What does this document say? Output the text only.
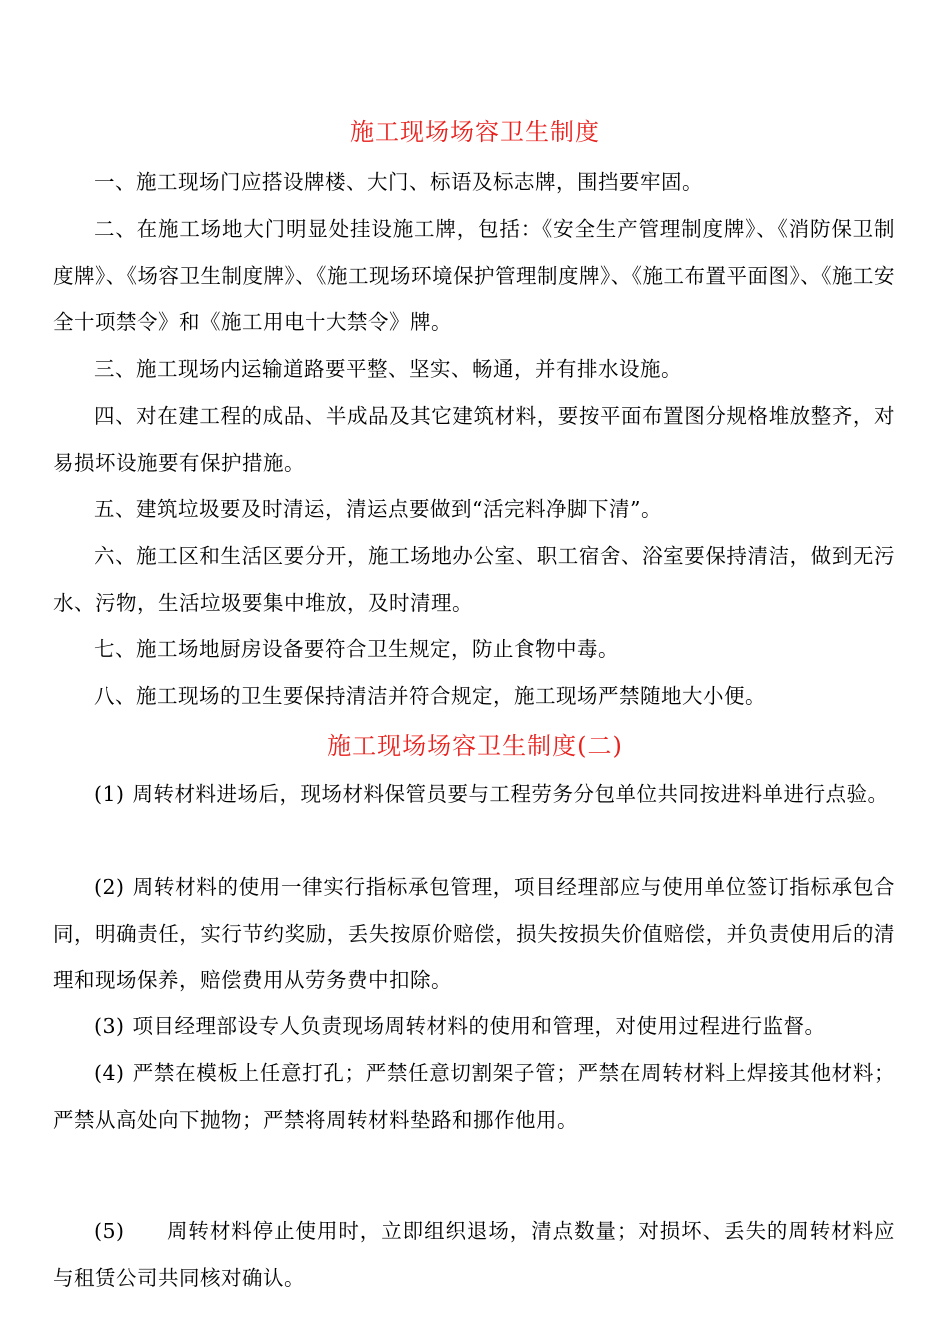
施工现场场容卫生制度
一、施工现场门应搭设牌楼、大门、标语及标志牌，围挡要牢固。
二、在施工场地大门明显处挂设施工牌，包括：《安全生产管理制度牌》、《消防保卫制度牌》、《场容卫生制度牌》、《施工现场环境保护管理制度牌》、《施工布置平面图》、《施工安全十项禁令》和《施工用电十大禁令》牌。
三、施工现场内运输道路要平整、坚实、畅通，并有排水设施。
四、对在建工程的成品、半成品及其它建筑材料，要按平面布置图分规格堆放整齐，对易损坏设施要有保护措施。
五、建筑垃圾要及时清运，清运点要做到“活完料净脚下清”。
六、施工区和生活区要分开，施工场地办公室、职工宿舍、浴室要保持清洁，做到无污水、污物，生活垃圾要集中堆放，及时清理。
七、施工场地厨房设备要符合卫生规定，防止食物中毒。
八、施工现场的卫生要保持清洁并符合规定，施工现场严禁随地大小便。
施工现场场容卫生制度(二)
(1) 周转材料进场后，现场材料保管员要与工程劳务分包单位共同按进料单进行点验。
(2) 周转材料的使用一律实行指标承包管理，项目经理部应与使用单位签订指标承包合同，明确责任，实行节约奖励，丢失按原价赔偿，损失按损失价值赔偿，并负责使用后的清理和现场保养，赔偿费用从劳务费中扣除。
(3) 项目经理部设专人负责现场周转材料的使用和管理，对使用过程进行监督。
(4) 严禁在模板上任意打孔；严禁任意切割架子管；严禁在周转材料上焊接其他材料；严禁从高处向下抛物；严禁将周转材料垫路和挪作他用。
(5) 周转材料停止使用时，立即组织退场，清点数量；对损坏、丢失的周转材料应与租赁公司共同核对确认。
